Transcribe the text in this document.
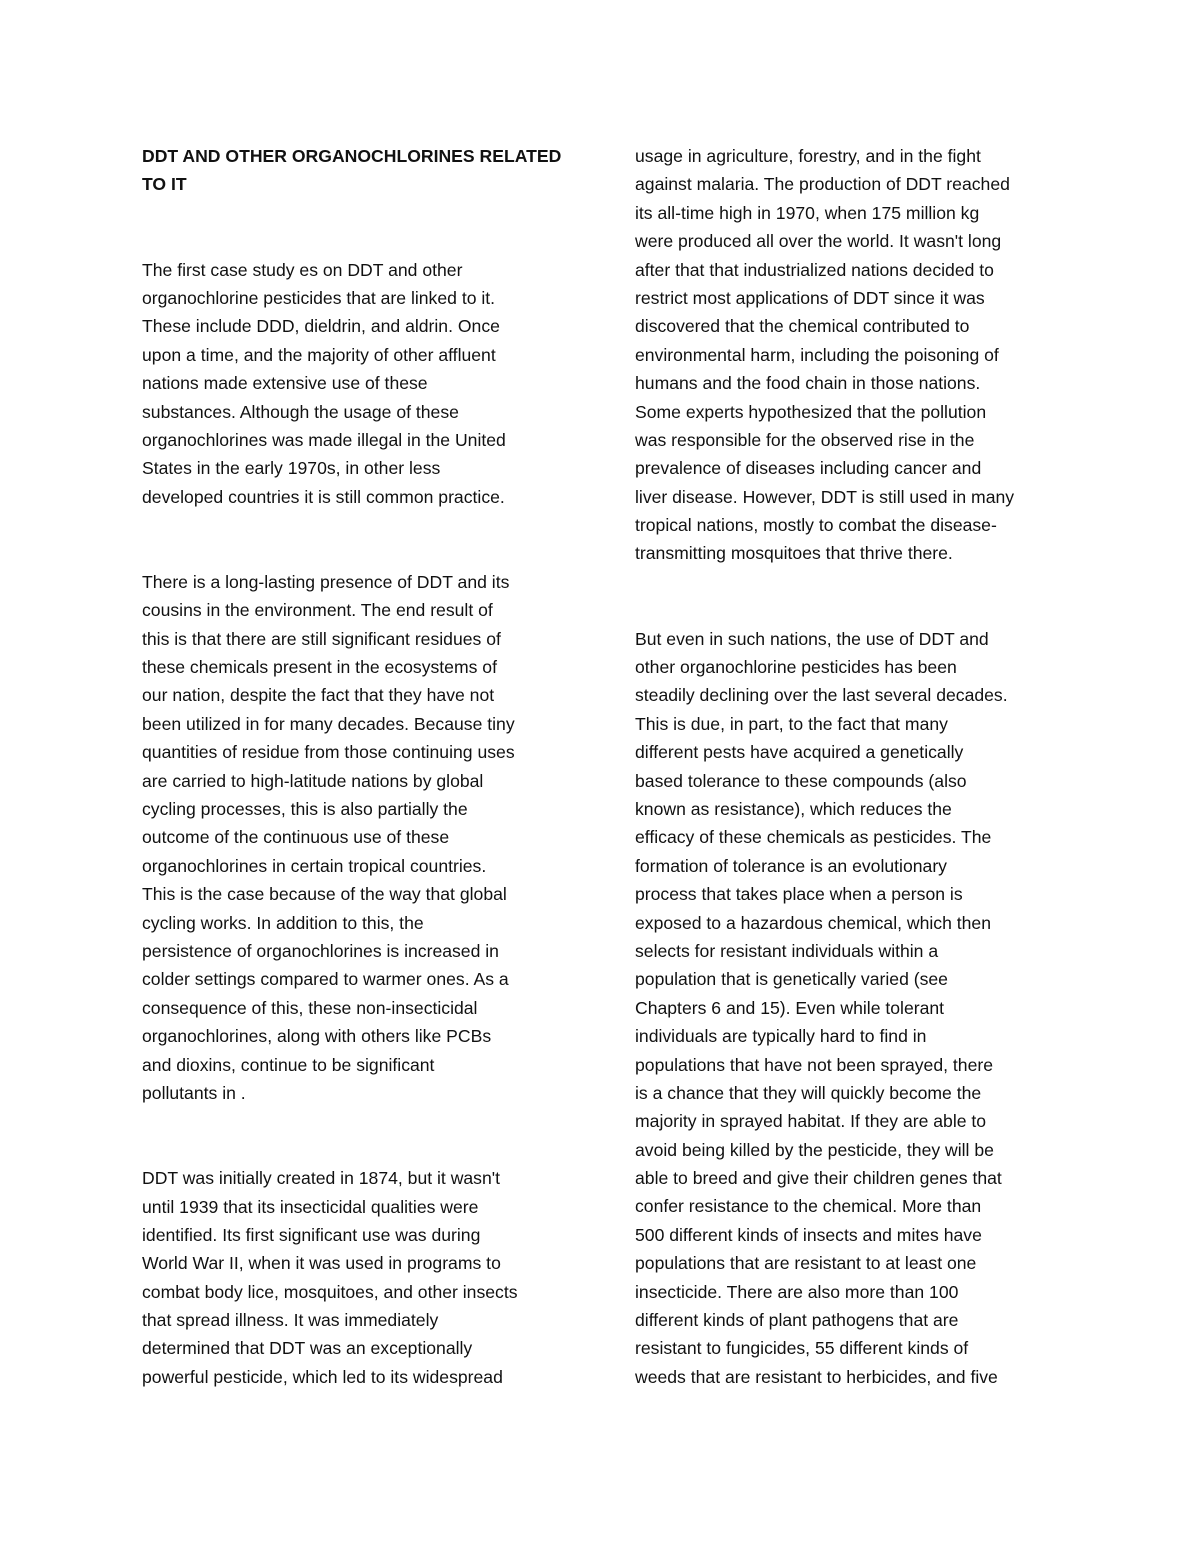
DDT AND OTHER ORGANOCHLORINES RELATED
TO IT
The first case study es on DDT and other
organochlorine pesticides that are linked to it.
These include DDD, dieldrin, and aldrin. Once
upon a time, and the majority of other affluent
nations made extensive use of these
substances. Although the usage of these
organochlorines was made illegal in the United
States in the early 1970s, in other less
developed countries it is still common practice.
There is a long-lasting presence of DDT and its
cousins in the environment. The end result of
this is that there are still significant residues of
these chemicals present in the ecosystems of
our nation, despite the fact that they have not
been utilized in for many decades. Because tiny
quantities of residue from those continuing uses
are carried to high-latitude nations by global
cycling processes, this is also partially the
outcome of the continuous use of these
organochlorines in certain tropical countries.
This is the case because of the way that global
cycling works. In addition to this, the
persistence of organochlorines is increased in
colder settings compared to warmer ones. As a
consequence of this, these non-insecticidal
organochlorines, along with others like PCBs
and dioxins, continue to be significant
pollutants in .
DDT was initially created in 1874, but it wasn't
until 1939 that its insecticidal qualities were
identified. Its first significant use was during
World War II, when it was used in programs to
combat body lice, mosquitoes, and other insects
that spread illness. It was immediately
determined that DDT was an exceptionally
powerful pesticide, which led to its widespread
usage in agriculture, forestry, and in the fight
against malaria. The production of DDT reached
its all-time high in 1970, when 175 million kg
were produced all over the world. It wasn't long
after that that industrialized nations decided to
restrict most applications of DDT since it was
discovered that the chemical contributed to
environmental harm, including the poisoning of
humans and the food chain in those nations.
Some experts hypothesized that the pollution
was responsible for the observed rise in the
prevalence of diseases including cancer and
liver disease. However, DDT is still used in many
tropical nations, mostly to combat the disease-
transmitting mosquitoes that thrive there.
But even in such nations, the use of DDT and
other organochlorine pesticides has been
steadily declining over the last several decades.
This is due, in part, to the fact that many
different pests have acquired a genetically
based tolerance to these compounds (also
known as resistance), which reduces the
efficacy of these chemicals as pesticides. The
formation of tolerance is an evolutionary
process that takes place when a person is
exposed to a hazardous chemical, which then
selects for resistant individuals within a
population that is genetically varied (see
Chapters 6 and 15). Even while tolerant
individuals are typically hard to find in
populations that have not been sprayed, there
is a chance that they will quickly become the
majority in sprayed habitat. If they are able to
avoid being killed by the pesticide, they will be
able to breed and give their children genes that
confer resistance to the chemical. More than
500 different kinds of insects and mites have
populations that are resistant to at least one
insecticide. There are also more than 100
different kinds of plant pathogens that are
resistant to fungicides, 55 different kinds of
weeds that are resistant to herbicides, and five
